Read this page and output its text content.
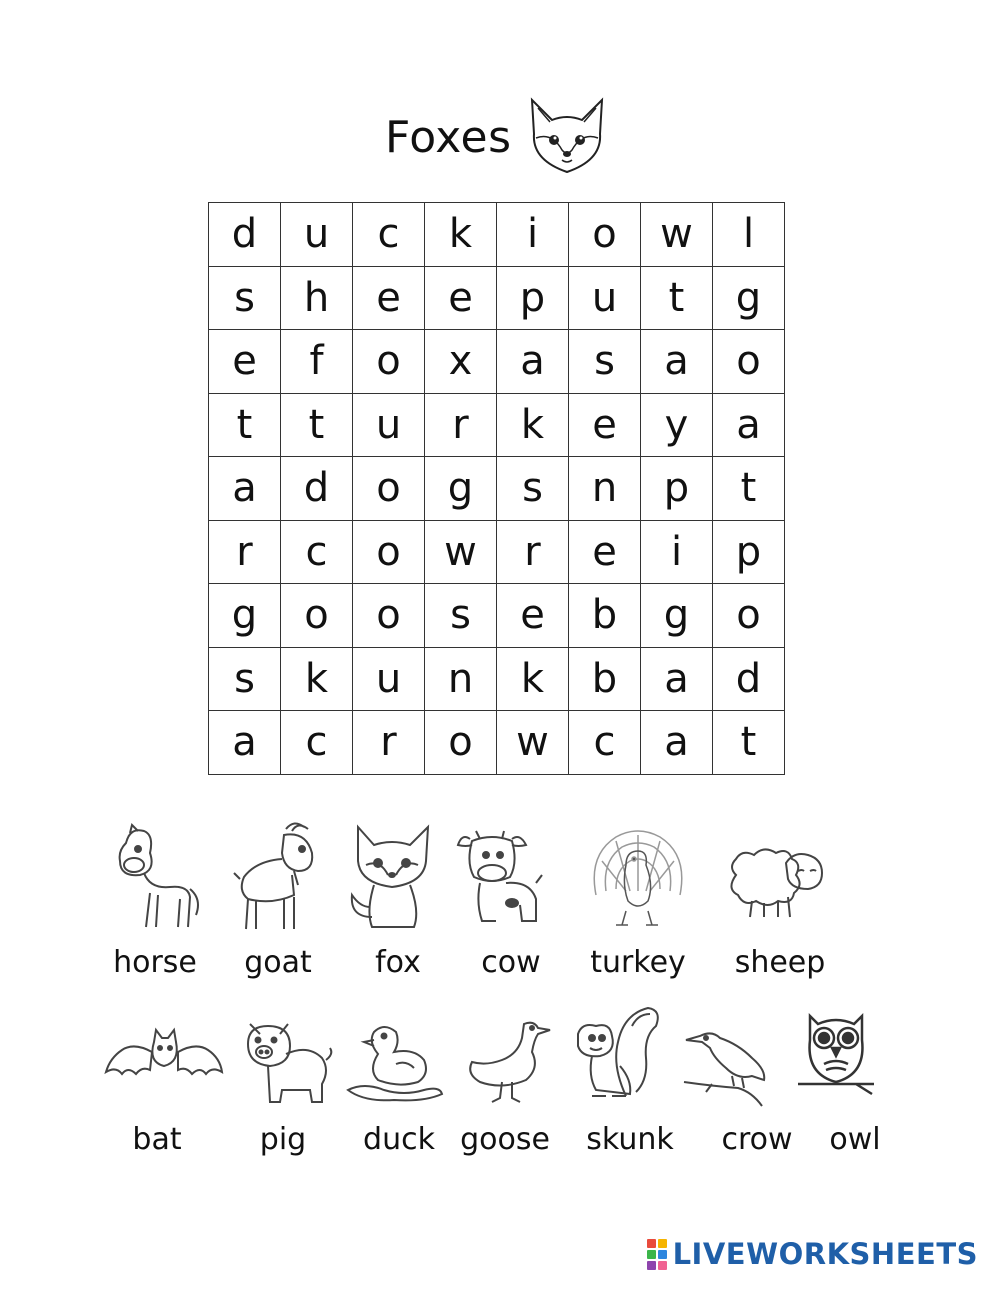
Foxes
d	u	c	k	i	o	w	l
s	h	e	e	p	u	t	g
e	f	o	x	a	s	a	o
t	t	u	r	k	e	y	a
a	d	o	g	s	n	p	t
r	c	o	w	r	e	i	p
g	o	o	s	e	b	g	o
s	k	u	n	k	b	a	d
a	c	r	o	w	c	a	t
horse goat fox cow turkey sheep
bat	pig duck goose skunk crow owl
LIVEWORKSHEETS
